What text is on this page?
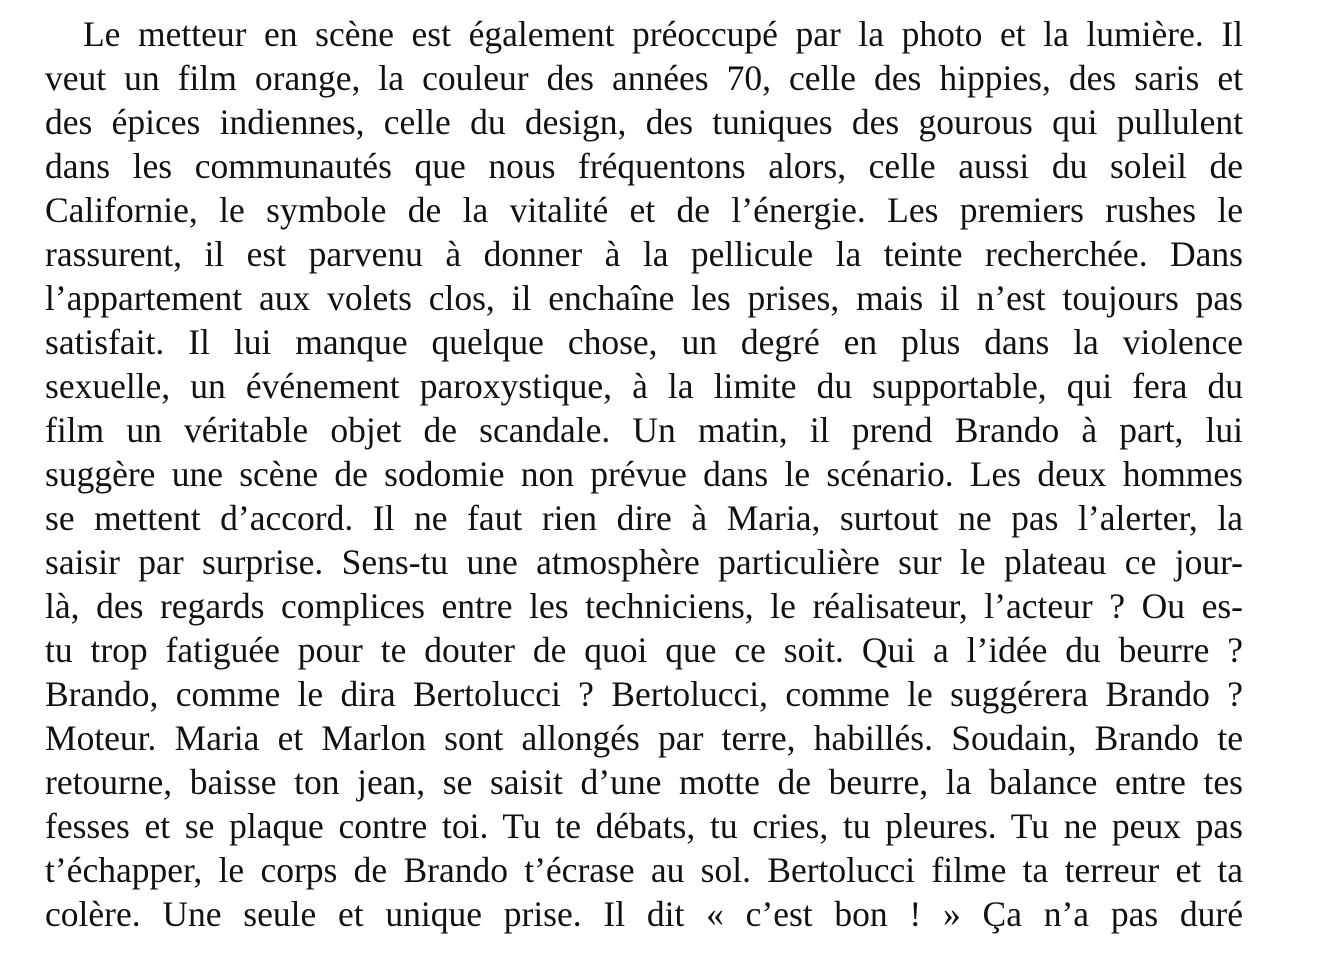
Le metteur en scène est également préoccupé par la photo et la lumière. Il
veut un film orange, la couleur des années 70, celle des hippies, des saris et
des épices indiennes, celle du design, des tuniques des gourous qui pullulent
dans les communautés que nous fréquentons alors, celle aussi du soleil de
Californie, le symbole de la vitalité et de l’énergie. Les premiers rushes le
rassurent, il est parvenu à donner à la pellicule la teinte recherchée. Dans
l’appartement aux volets clos, il enchaîne les prises, mais il n’est toujours pas
satisfait. Il lui manque quelque chose, un degré en plus dans la violence
sexuelle, un événement paroxystique, à la limite du supportable, qui fera du
film un véritable objet de scandale. Un matin, il prend Brando à part, lui
suggère une scène de sodomie non prévue dans le scénario. Les deux hommes
se mettent d’accord. Il ne faut rien dire à Maria, surtout ne pas l’alerter, la
saisir par surprise. Sens-tu une atmosphère particulière sur le plateau ce jour-
là, des regards complices entre les techniciens, le réalisateur, l’acteur ? Ou es-
tu trop fatiguée pour te douter de quoi que ce soit. Qui a l’idée du beurre ?
Brando, comme le dira Bertolucci ? Bertolucci, comme le suggérera Brando ?
Moteur. Maria et Marlon sont allongés par terre, habillés. Soudain, Brando te
retourne, baisse ton jean, se saisit d’une motte de beurre, la balance entre tes
fesses et se plaque contre toi. Tu te débats, tu cries, tu pleures. Tu ne peux pas
t’échapper, le corps de Brando t’écrase au sol. Bertolucci filme ta terreur et ta
colère. Une seule et unique prise. Il dit « c’est bon ! » Ça n’a pas duré
